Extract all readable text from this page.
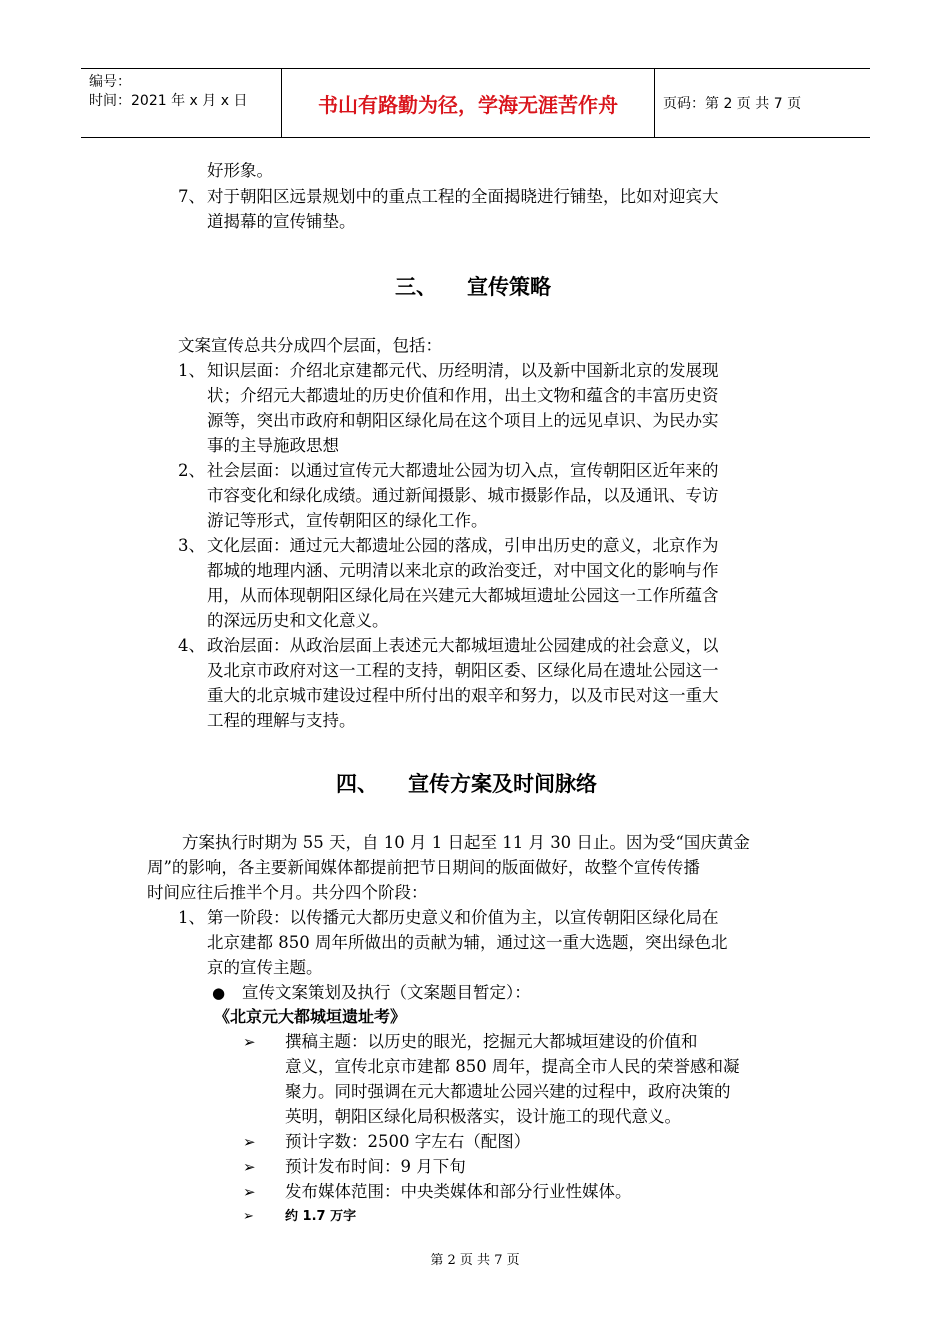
编号：
时间：2021 年 x 月 x 日	书山有路勤为径，学海无涯苦作舟	页码：第 2 页 共 7 页
好形象。
7、 对于朝阳区远景规划中的重点工程的全面揭晓进行铺垫，比如对迎宾大
道揭幕的宣传铺垫。
三、 宣传策略
文案宣传总共分成四个层面，包括：
1、 知识层面：介绍北京建都元代、历经明清，以及新中国新北京的发展现
状；介绍元大都遗址的历史价值和作用，出土文物和蕴含的丰富历史资
源等，突出市政府和朝阳区绿化局在这个项目上的远见卓识、为民办实
事的主导施政思想
2、 社会层面：以通过宣传元大都遗址公园为切入点，宣传朝阳区近年来的
市容变化和绿化成绩。通过新闻摄影、城市摄影作品，以及通讯、专访
游记等形式，宣传朝阳区的绿化工作。
3、 文化层面：通过元大都遗址公园的落成，引申出历史的意义，北京作为
都城的地理内涵、元明清以来北京的政治变迁，对中国文化的影响与作
用，从而体现朝阳区绿化局在兴建元大都城垣遗址公园这一工作所蕴含
的深远历史和文化意义。
4、 政治层面：从政治层面上表述元大都城垣遗址公园建成的社会意义，以
及北京市政府对这一工程的支持，朝阳区委、区绿化局在遗址公园这一
重大的北京城市建设过程中所付出的艰辛和努力，以及市民对这一重大
工程的理解与支持。
四、 宣传方案及时间脉络
方案执行时期为 55 天，自 10 月 1 日起至 11 月 30 日止。因为受“国庆黄金
周”的影响，各主要新闻媒体都提前把节日期间的版面做好，故整个宣传传播
时间应往后推半个月。共分四个阶段：
1、 第一阶段：以传播元大都历史意义和价值为主，以宣传朝阳区绿化局在
北京建都 850 周年所做出的贡献为辅，通过这一重大选题，突出绿色北
京的宣传主题。
● 宣传文案策划及执行（文案题目暂定）：
《北京元大都城垣遗址考》
➢ 撰稿主题：以历史的眼光，挖掘元大都城垣建设的价值和
意义，宣传北京市建都 850 周年，提高全市人民的荣誉感和凝
聚力。同时强调在元大都遗址公园兴建的过程中，政府决策的
英明，朝阳区绿化局积极落实，设计施工的现代意义。
➢ 预计字数：2500 字左右（配图）
➢ 预计发布时间：9 月下旬
➢ 发布媒体范围：中央类媒体和部分行业性媒体。
➢ 约 1.7 万字
第 2 页 共 7 页
